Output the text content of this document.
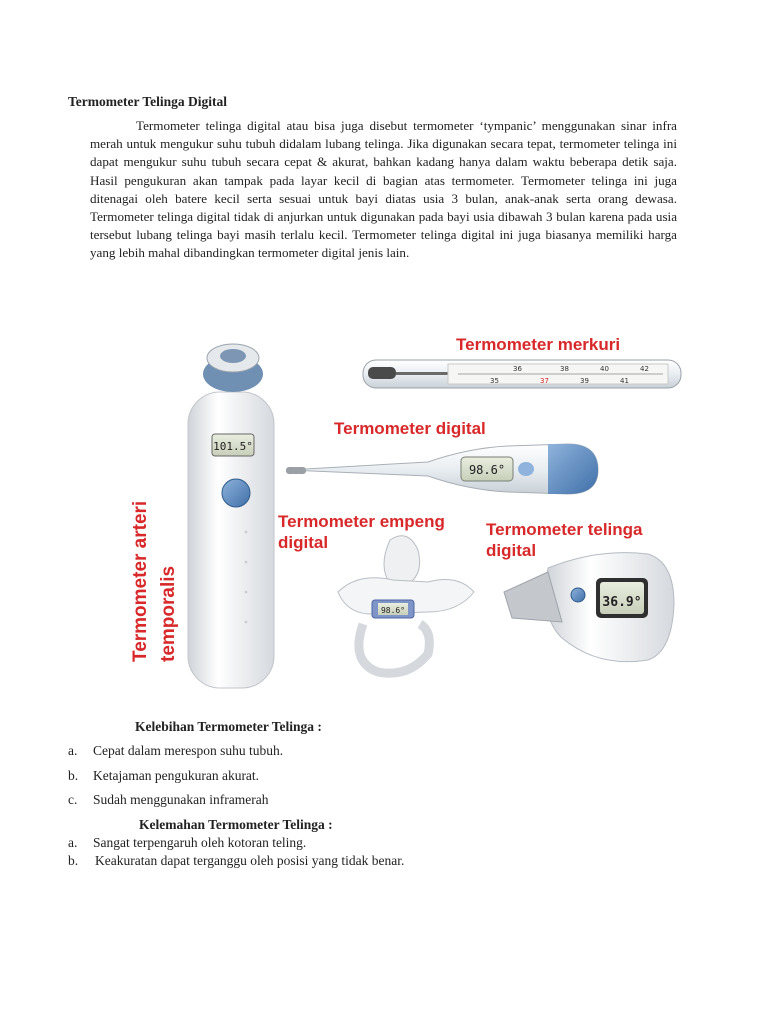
Termometer Telinga Digital

Termometer telinga digital atau bisa juga disebut termometer ‘tympanic’ menggunakan sinar infra merah untuk mengukur suhu tubuh didalam lubang telinga. Jika digunakan secara tepat, termometer telinga ini dapat mengukur suhu tubuh secara cepat & akurat, bahkan kadang hanya dalam waktu beberapa detik saja. Hasil pengukuran akan tampak pada layar kecil di bagian atas termometer. Termometer telinga ini juga ditenagai oleh batere kecil serta sesuai untuk bayi diatas usia 3 bulan, anak-anak serta orang dewasa. Termometer telinga digital tidak di anjurkan untuk digunakan pada bayi usia dibawah 3 bulan karena pada usia tersebut lubang telinga bayi masih terlalu kecil. Termometer telinga digital ini juga biasanya memiliki harga yang lebih mahal dibandingkan termometer digital jenis lain.

101.5°
Termometer arteri temporalis
Termometer merkuri
36	38	40	42
35	37	39	41
Termometer digital
98.6°
Termometer empeng
digital
98.6°
Termometer telinga
digital
36.9°
Kelebihan Termometer Telinga :
a. Cepat dalam merespon suhu tubuh.
b. Ketajaman pengukuran akurat.
c. Sudah menggunakan inframerah
Kelemahan Termometer Telinga :
a. Sangat terpengaruh oleh kotoran teling.
b. Keakuratan dapat terganggu oleh posisi yang tidak benar.
